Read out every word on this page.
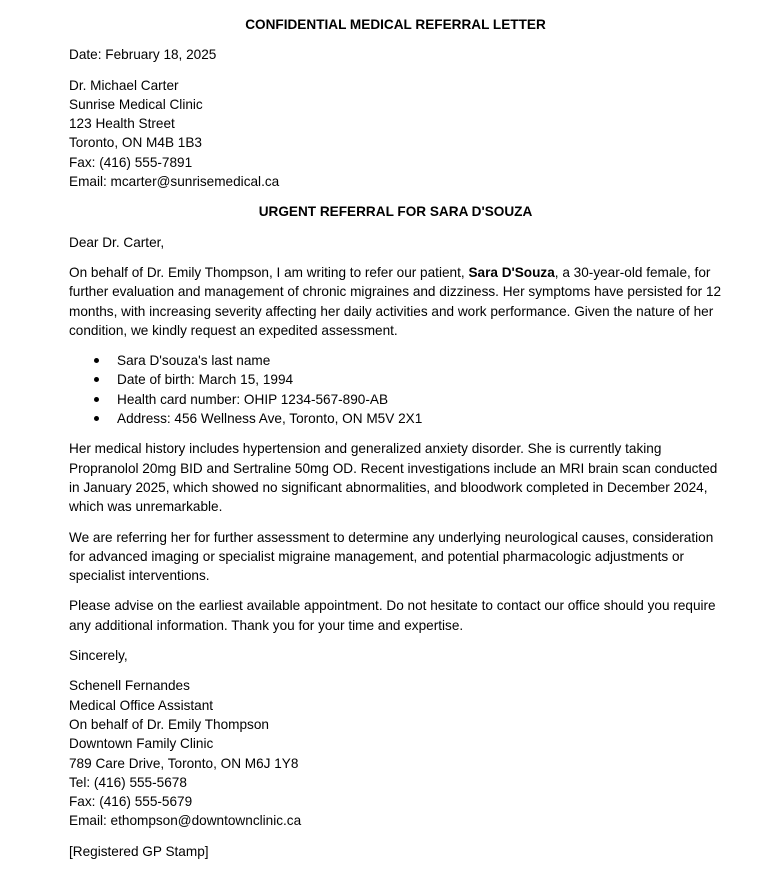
CONFIDENTIAL MEDICAL REFERRAL LETTER

Date: February 18, 2025

Dr. Michael Carter
Sunrise Medical Clinic
123 Health Street
Toronto, ON M4B 1B3
Fax: (416) 555-7891
Email: mcarter@sunrisemedical.ca
URGENT REFERRAL FOR SARA D'SOUZA

Dear Dr. Carter,

On behalf of Dr. Emily Thompson, I am writing to refer our patient, Sara D'Souza, a 30-year-old female, for further evaluation and management of chronic migraines and dizziness. Her symptoms have persisted for 12 months, with increasing severity affecting her daily activities and work performance. Given the nature of her condition, we kindly request an expedited assessment.

Sara D'souza's last name
Date of birth: March 15, 1994
Health card number: OHIP 1234-567-890-AB
Address: 456 Wellness Ave, Toronto, ON M5V 2X1

Her medical history includes hypertension and generalized anxiety disorder. She is currently taking Propranolol 20mg BID and Sertraline 50mg OD. Recent investigations include an MRI brain scan conducted in January 2025, which showed no significant abnormalities, and bloodwork completed in December 2024, which was unremarkable.

We are referring her for further assessment to determine any underlying neurological causes, consideration for advanced imaging or specialist migraine management, and potential pharmacologic adjustments or specialist interventions.

Please advise on the earliest available appointment. Do not hesitate to contact our office should you require any additional information. Thank you for your time and expertise.

Sincerely,

Schenell Fernandes
Medical Office Assistant
On behalf of Dr. Emily Thompson
Downtown Family Clinic
789 Care Drive, Toronto, ON M6J 1Y8
Tel: (416) 555-5678
Fax: (416) 555-5679
Email: ethompson@downtownclinic.ca

[Registered GP Stamp]
